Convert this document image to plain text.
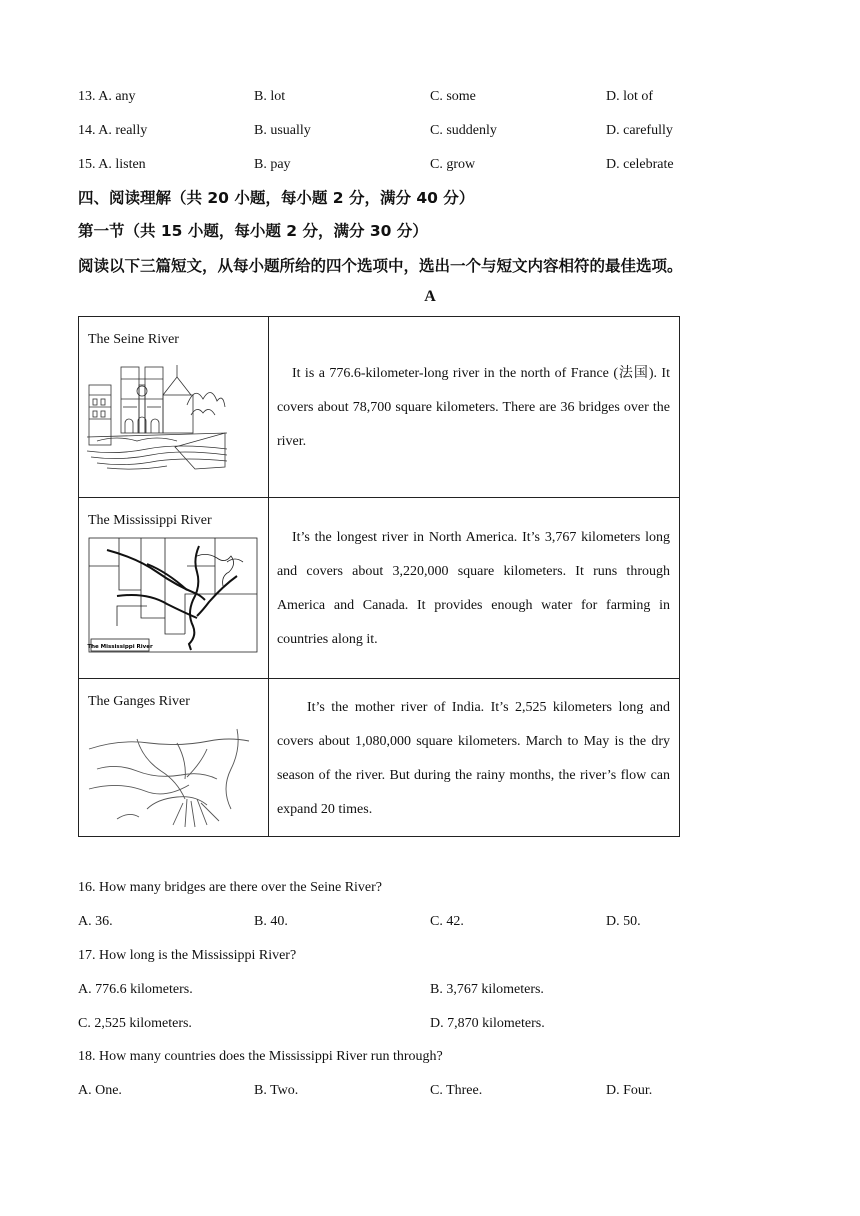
13. A. any	B. lot	C. some	D. lot of
14. A. really	B. usually	C. suddenly	D. carefully
15. A. listen	B. pay	C. grow	D. celebrate
四、阅读理解（共 20 小题，每小题 2 分，满分 40 分）
第一节（共 15 小题，每小题 2 分，满分 30 分）
阅读以下三篇短文，从每小题所给的四个选项中，选出一个与短文内容相符的最佳选项。
A
The Seine River	It is a 776.6-kilometer-long river in the north of France (法国). It covers about 78,700 square kilometers. There are 36 bridges over the river.

The Mississippi River
The Mississippi River	It’s the longest river in North America. It’s 3,767 kilometers long and covers about 3,220,000 square kilometers. It runs through America and Canada. It provides enough water for farming in countries along it.

The Ganges River	It’s the mother river of India. It’s 2,525 kilometers long and covers about 1,080,000 square kilometers. March to May is the dry season of the river. But during the rainy months, the river’s flow can expand 20 times.
16. How many bridges are there over the Seine River?
A. 36.	B. 40.	C. 42.	D. 50.
17. How long is the Mississippi River?
A. 776.6 kilometers.	B. 3,767 kilometers.
C. 2,525 kilometers.	D. 7,870 kilometers.
18. How many countries does the Mississippi River run through?
A. One.	B. Two.	C. Three.	D. Four.
